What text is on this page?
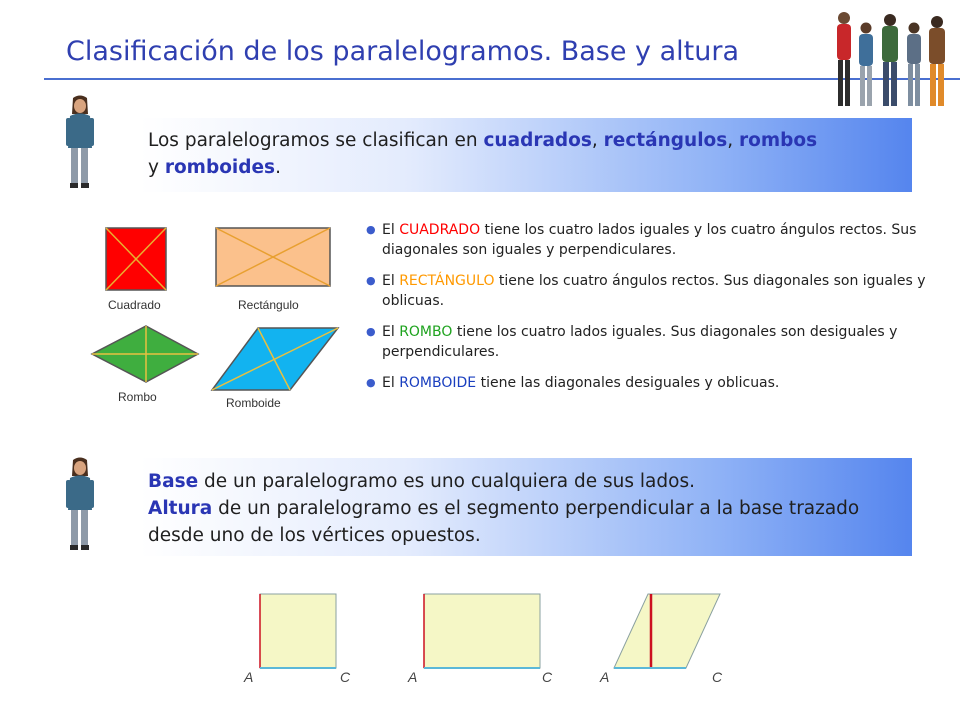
Clasificación de los paralelogramos. Base y altura
Los paralelogramos se clasifican en cuadrados, rectángulos, rombos
y romboides.
Cuadrado	Rectángulo
Rombo	Romboide
● El CUADRADO tiene los cuatro lados iguales y los cuatro ángulos rectos. Sus diagonales son iguales y perpendiculares.
● El RECTÁNGULO tiene los cuatro ángulos rectos. Sus diagonales son iguales y oblicuas.
● El ROMBO tiene los cuatro lados iguales. Sus diagonales son desiguales y perpendiculares.
● El ROMBOIDE tiene las diagonales desiguales y oblicuas.
Base de un paralelogramo es uno cualquiera de sus lados.
Altura de un paralelogramo es el segmento perpendicular a la base trazado desde uno de los vértices opuestos.
A	C	A	C	A	C
